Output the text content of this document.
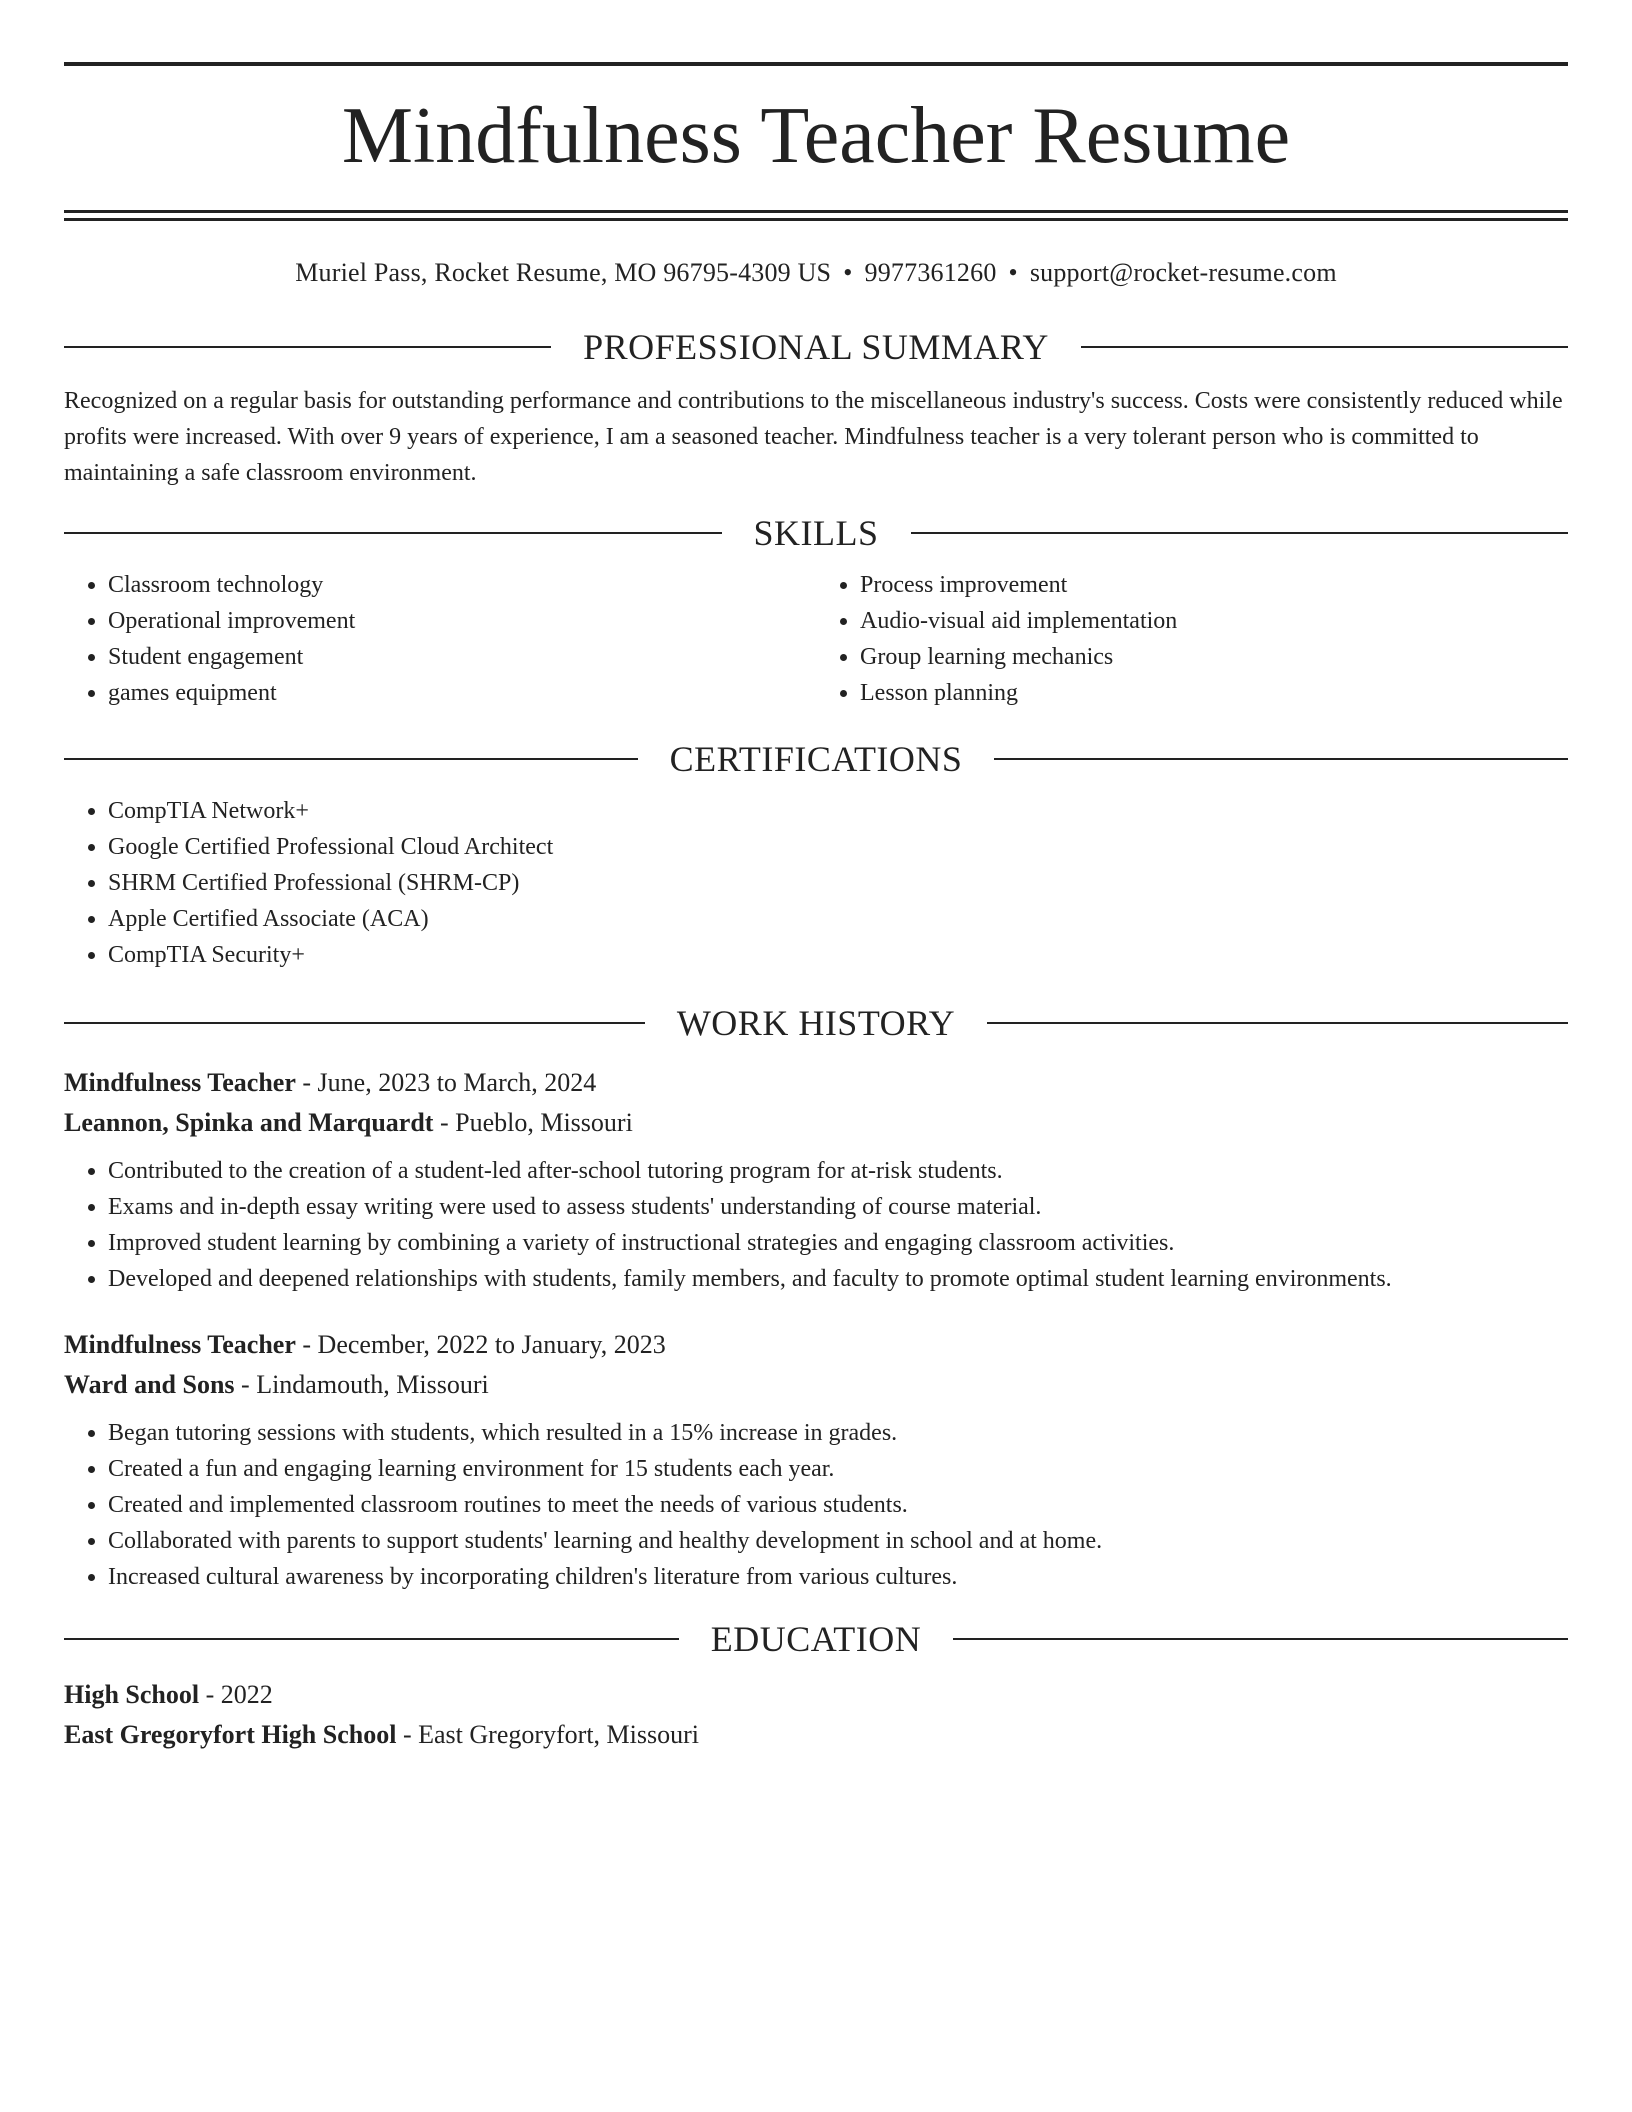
Mindfulness Teacher Resume
Muriel Pass, Rocket Resume, MO 96795-4309 US • 9977361260 • support@rocket-resume.com
PROFESSIONAL SUMMARY

Recognized on a regular basis for outstanding performance and contributions to the miscellaneous industry's success. Costs were consistently reduced while profits were increased. With over 9 years of experience, I am a seasoned teacher. Mindfulness teacher is a very tolerant person who is committed to maintaining a safe classroom environment.

SKILLS
• Classroom technology
• Operational improvement
• Student engagement
• games equipment
• Process improvement
• Audio-visual aid implementation
• Group learning mechanics
• Lesson planning
CERTIFICATIONS
• CompTIA Network+
• Google Certified Professional Cloud Architect
• SHRM Certified Professional (SHRM-CP)
• Apple Certified Associate (ACA)
• CompTIA Security+
WORK HISTORY
Mindfulness Teacher - June, 2023 to March, 2024
Leannon, Spinka and Marquardt - Pueblo, Missouri
• Contributed to the creation of a student-led after-school tutoring program for at-risk students.
• Exams and in-depth essay writing were used to assess students' understanding of course material.
• Improved student learning by combining a variety of instructional strategies and engaging classroom activities.
• Developed and deepened relationships with students, family members, and faculty to promote optimal student learning environments.
Mindfulness Teacher - December, 2022 to January, 2023
Ward and Sons - Lindamouth, Missouri
• Began tutoring sessions with students, which resulted in a 15% increase in grades.
• Created a fun and engaging learning environment for 15 students each year.
• Created and implemented classroom routines to meet the needs of various students.
• Collaborated with parents to support students' learning and healthy development in school and at home.
• Increased cultural awareness by incorporating children's literature from various cultures.
EDUCATION
High School - 2022
East Gregoryfort High School - East Gregoryfort, Missouri
